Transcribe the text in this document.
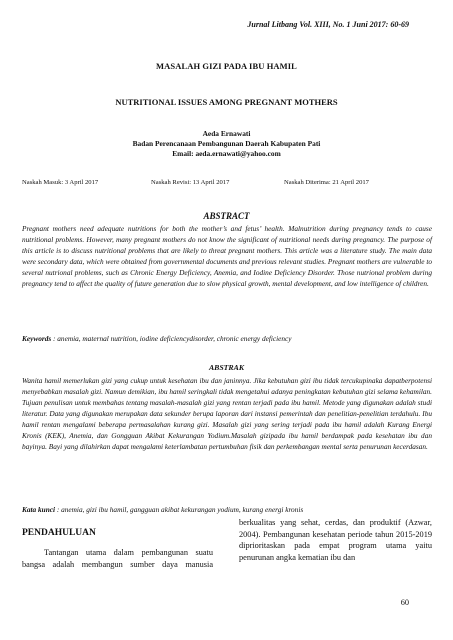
Jurnal Litbang Vol. XIII, No. 1 Juni 2017: 60-69
MASALAH GIZI PADA IBU HAMIL
NUTRITIONAL ISSUES AMONG PREGNANT MOTHERS
Aeda Ernawati
Badan Perencanaan Pembangunan Daerah Kabupaten Pati
Email: aeda.ernawati@yahoo.com
Naskah Masuk: 3 April 2017	Naskah Revisi: 13 April 2017	Naskah Diterima: 21 April 2017
ABSTRACT
Pregnant mothers need adequate nutritions for both the mother’s and fetus’ health. Malnutrition during pregnancy tends to cause nutritional problems. However, many pregnant mothers do not know the significant of nutritional needs during pregnancy. The purpose of this article is to discuss nutritional problems that are likely to threat pregnant mothers. This article was a literature study. The main data were secondary data, which were obtained from governmental documents and previous relevant studies. Pregnant mothers are vulnerable to several nutrional problems, such as Chronic Energy Deficiency, Anemia, and Iodine Deficiency Disorder. Those nutrional problem during pregnancy tend to affect the quality of future generation due to slow physical growth, mental development, and low intelligence of children.
Keywords : anemia, maternal nutrition, iodine deficiencydisorder, chronic energy deficiency
ABSTRAK
Wanita hamil memerlukan gizi yang cukup untuk kesehatan ibu dan janinnya. Jika kebutuhan gizi ibu tidak tercukupinaka dapatberpotensi menyebabkan masalah gizi. Namun demikian, ibu hamil seringkali tidak mengetahui adanya peningkatan kebutuhan gizi selama kehamilan. Tujuan penulisan untuk membahas tentang masalah-masalah gizi yang rentan terjadi pada ibu hamil. Metode yang digunakan adalah studi literatur. Data yang digunakan merupakan data sekunder berupa laporan dari instansi pemerintah dan penelitian-penelitian terdahulu. Ibu hamil rentan mengalami beberapa permasalahan kurang gizi. Masalah gizi yang sering terjadi pada ibu hamil adalah Kurang Energi Kronis (KEK), Anemia, dan Gongguan Akibat Kekurangan Yodium.Masalah gizipada ibu hamil berdampak pada kesehatan ibu dan bayinya. Bayi yang dilahirkan dapat mengalami keterlambatan pertumbuhan fisik dan perkembangan mental serta penurunan kecerdasan.
Kata kunci : anemia, gizi ibu hamil, gangguan akibat kekurangan yodium, kurang energi kronis
PENDAHULUAN
Tantangan utama dalam pembangunan suatu bangsa adalah membangun sumber daya manusia
berkualitas yang sehat, cerdas, dan produktif (Azwar, 2004). Pembangunan kesehatan periode tahun 2015-2019 diprioritaskan pada empat program utama yaitu penurunan angka kematian ibu dan
60
